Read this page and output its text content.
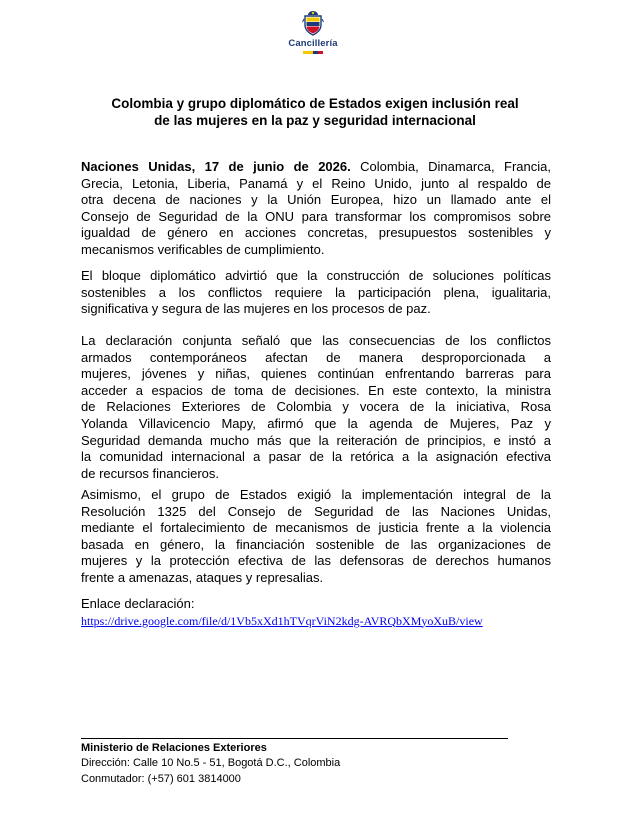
Cancillería
Colombia y grupo diplomático de Estados exigen inclusión real
de las mujeres en la paz y seguridad internacional
Naciones Unidas, 17 de junio de 2026. Colombia, Dinamarca, Francia,
Grecia, Letonia, Liberia, Panamá y el Reino Unido, junto al respaldo de
otra decena de naciones y la Unión Europea, hizo un llamado ante el
Consejo de Seguridad de la ONU para transformar los compromisos sobre
igualdad de género en acciones concretas, presupuestos sostenibles y
mecanismos verificables de cumplimiento.
El bloque diplomático advirtió que la construcción de soluciones políticas
sostenibles a los conflictos requiere la participación plena, igualitaria,
significativa y segura de las mujeres en los procesos de paz.
La declaración conjunta señaló que las consecuencias de los conflictos
armados contemporáneos afectan de manera desproporcionada a
mujeres, jóvenes y niñas, quienes continúan enfrentando barreras para
acceder a espacios de toma de decisiones. En este contexto, la ministra
de Relaciones Exteriores de Colombia y vocera de la iniciativa, Rosa
Yolanda Villavicencio Mapy, afirmó que la agenda de Mujeres, Paz y
Seguridad demanda mucho más que la reiteración de principios, e instó a
la comunidad internacional a pasar de la retórica a la asignación efectiva
de recursos financieros.
Asimismo, el grupo de Estados exigió la implementación integral de la
Resolución 1325 del Consejo de Seguridad de las Naciones Unidas,
mediante el fortalecimiento de mecanismos de justicia frente a la violencia
basada en género, la financiación sostenible de las organizaciones de
mujeres y la protección efectiva de las defensoras de derechos humanos
frente a amenazas, ataques y represalias.
Enlace declaración:
https://drive.google.com/file/d/1Vb5xXd1hTVqrViN2kdg-AVRQbXMyoXuB/view
Ministerio de Relaciones Exteriores
Dirección: Calle 10 No.5 - 51, Bogotá D.C., Colombia
Conmutador: (+57) 601 3814000
